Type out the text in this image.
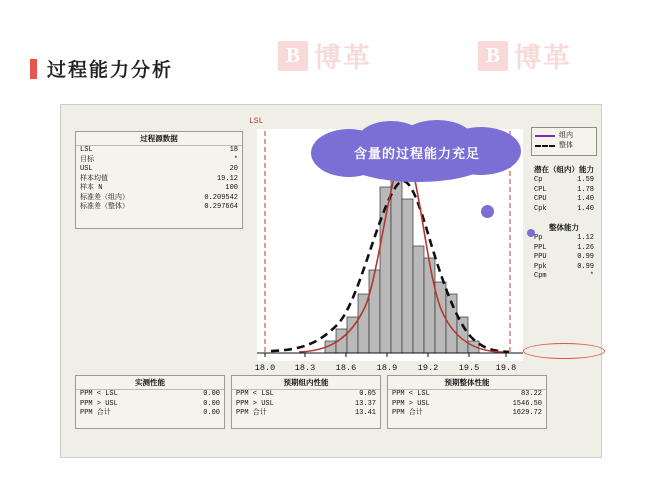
B 博革	B 博革
过程能力分析
过程源数据
LSL	18
目标	*
USL	20
样本均值	19.12
样本 N	100
标准差（组内）	0.209542
标准差（整体）	0.297664
LSL
18.0 18.3 18.6 18.9 19.2 19.5 19.8
组内
整体
潜在（组内）能力
Cp	1.59
CPL	1.78
CPU	1.40
Cpk	1.40
整体能力
Pp	1.12
PPL	1.26
PPU	0.99
Ppk	0.99
Cpm	*
实测性能
PPM < LSL	0.00
PPM > USL	0.00
PPM 合计	0.00
预期组内性能
PPM < LSL	0.05
PPM > USL	13.37
PPM 合计	13.41
预期整体性能
PPM < LSL	83.22
PPM > USL	1546.50
PPM 合计	1629.72
含量的过程能力充足
